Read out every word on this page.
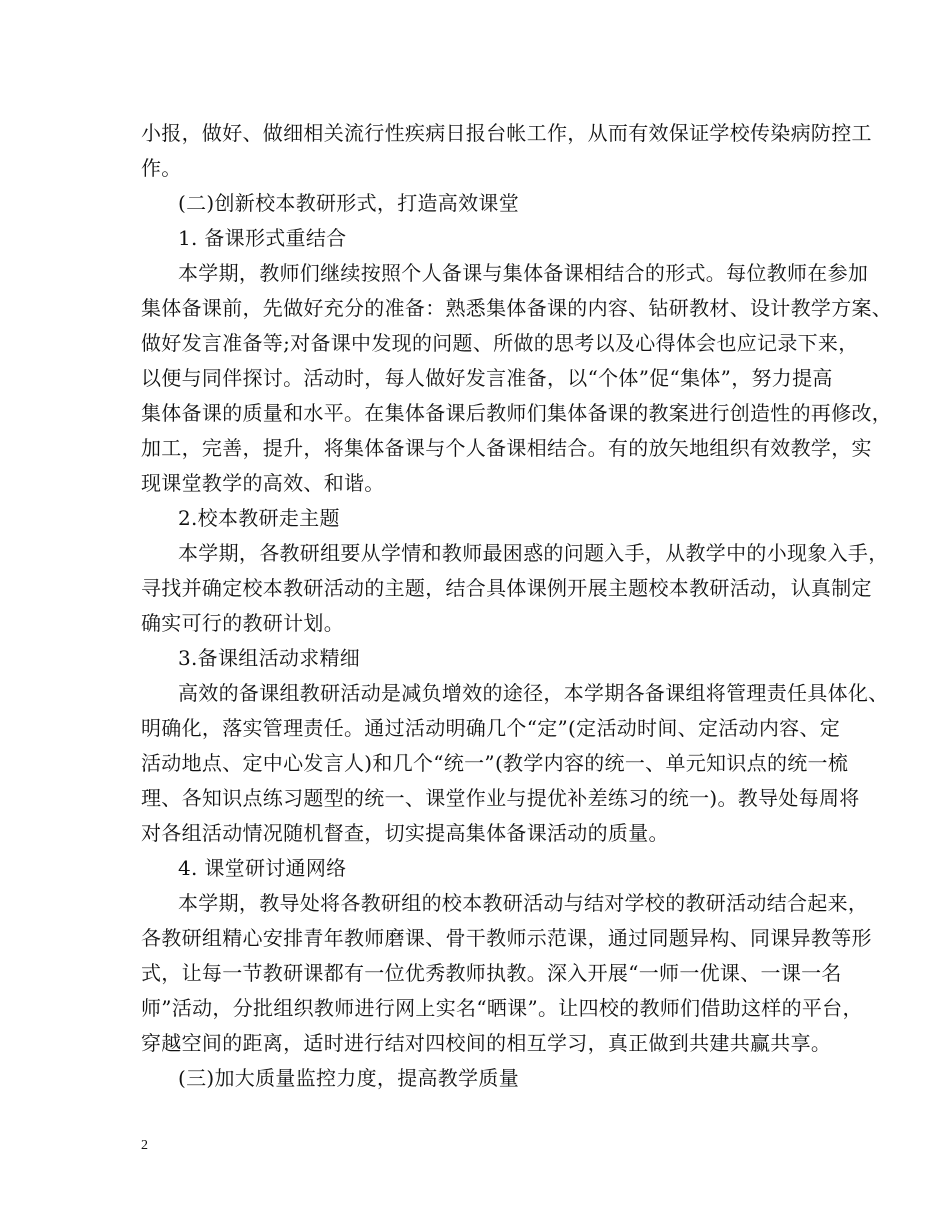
小报，做好、做细相关流行性疾病日报台帐工作，从而有效保证学校传染病防控工
作。
(二)创新校本教研形式，打造高效课堂
1. 备课形式重结合
本学期，教师们继续按照个人备课与集体备课相结合的形式。每位教师在参加
集体备课前，先做好充分的准备：熟悉集体备课的内容、钻研教材、设计教学方案、
做好发言准备等;对备课中发现的问题、所做的思考以及心得体会也应记录下来，
以便与同伴探讨。活动时，每人做好发言准备，以“个体”促“集体”，努力提高
集体备课的质量和水平。在集体备课后教师们集体备课的教案进行创造性的再修改，
加工，完善，提升，将集体备课与个人备课相结合。有的放矢地组织有效教学，实
现课堂教学的高效、和谐。
2.校本教研走主题
本学期，各教研组要从学情和教师最困惑的问题入手，从教学中的小现象入手，
寻找并确定校本教研活动的主题，结合具体课例开展主题校本教研活动，认真制定
确实可行的教研计划。
3.备课组活动求精细
高效的备课组教研活动是减负增效的途径，本学期各备课组将管理责任具体化、
明确化，落实管理责任。通过活动明确几个“定”(定活动时间、定活动内容、定
活动地点、定中心发言人)和几个“统一”(教学内容的统一、单元知识点的统一梳
理、各知识点练习题型的统一、课堂作业与提优补差练习的统一)。教导处每周将
对各组活动情况随机督查，切实提高集体备课活动的质量。
4. 课堂研讨通网络
本学期，教导处将各教研组的校本教研活动与结对学校的教研活动结合起来，
各教研组精心安排青年教师磨课、骨干教师示范课，通过同题异构、同课异教等形
式，让每一节教研课都有一位优秀教师执教。深入开展“一师一优课、一课一名
师”活动，分批组织教师进行网上实名“晒课”。让四校的教师们借助这样的平台，
穿越空间的距离，适时进行结对四校间的相互学习，真正做到共建共赢共享。
(三)加大质量监控力度，提高教学质量
2
